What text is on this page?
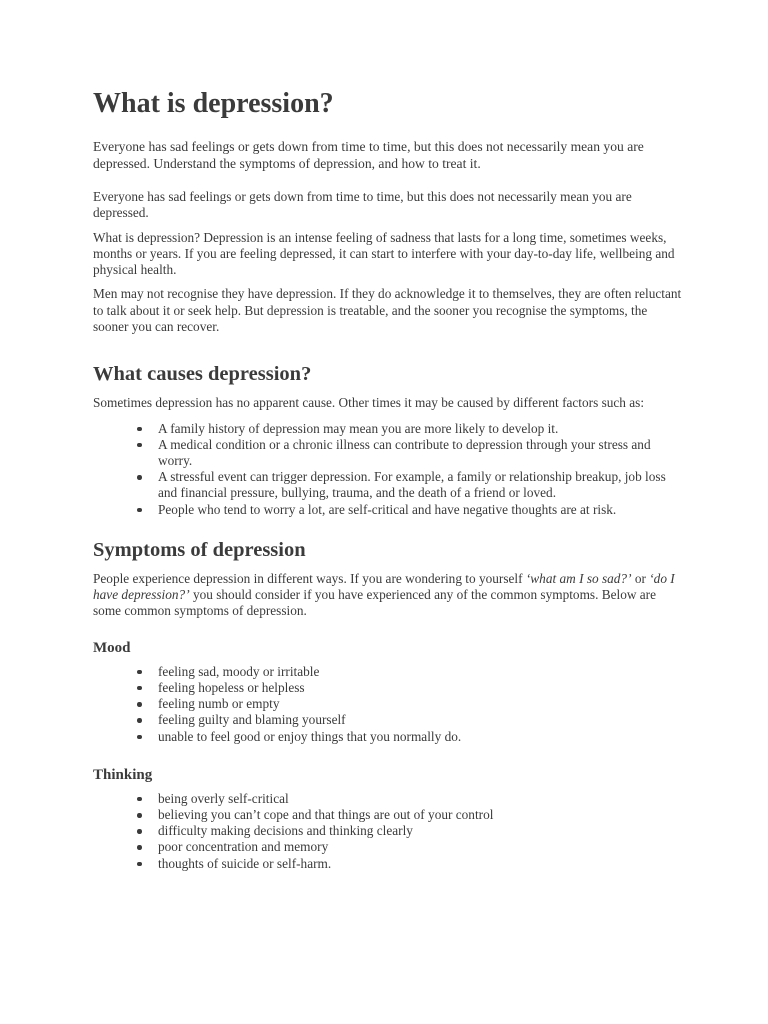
What is depression?

Everyone has sad feelings or gets down from time to time, but this does not necessarily mean you are depressed. Understand the symptoms of depression, and how to treat it.

Everyone has sad feelings or gets down from time to time, but this does not necessarily mean you are depressed.

What is depression? Depression is an intense feeling of sadness that lasts for a long time, sometimes weeks, months or years. If you are feeling depressed, it can start to interfere with your day-to-day life, wellbeing and physical health.

Men may not recognise they have depression. If they do acknowledge it to themselves, they are often reluctant to talk about it or seek help. But depression is treatable, and the sooner you recognise the symptoms, the sooner you can recover.

What causes depression?

Sometimes depression has no apparent cause. Other times it may be caused by different factors such as:

A family history of depression may mean you are more likely to develop it.
A medical condition or a chronic illness can contribute to depression through your stress and worry.
A stressful event can trigger depression. For example, a family or relationship breakup, job loss and financial pressure, bullying, trauma, and the death of a friend or loved.
People who tend to worry a lot, are self-critical and have negative thoughts are at risk.
Symptoms of depression

People experience depression in different ways. If you are wondering to yourself ‘what am I so sad?’ or ‘do I have depression?’ you should consider if you have experienced any of the common symptoms. Below are some common symptoms of depression.

Mood
feeling sad, moody or irritable
feeling hopeless or helpless
feeling numb or empty
feeling guilty and blaming yourself
unable to feel good or enjoy things that you normally do.
Thinking
being overly self-critical
believing you can’t cope and that things are out of your control
difficulty making decisions and thinking clearly
poor concentration and memory
thoughts of suicide or self-harm.
